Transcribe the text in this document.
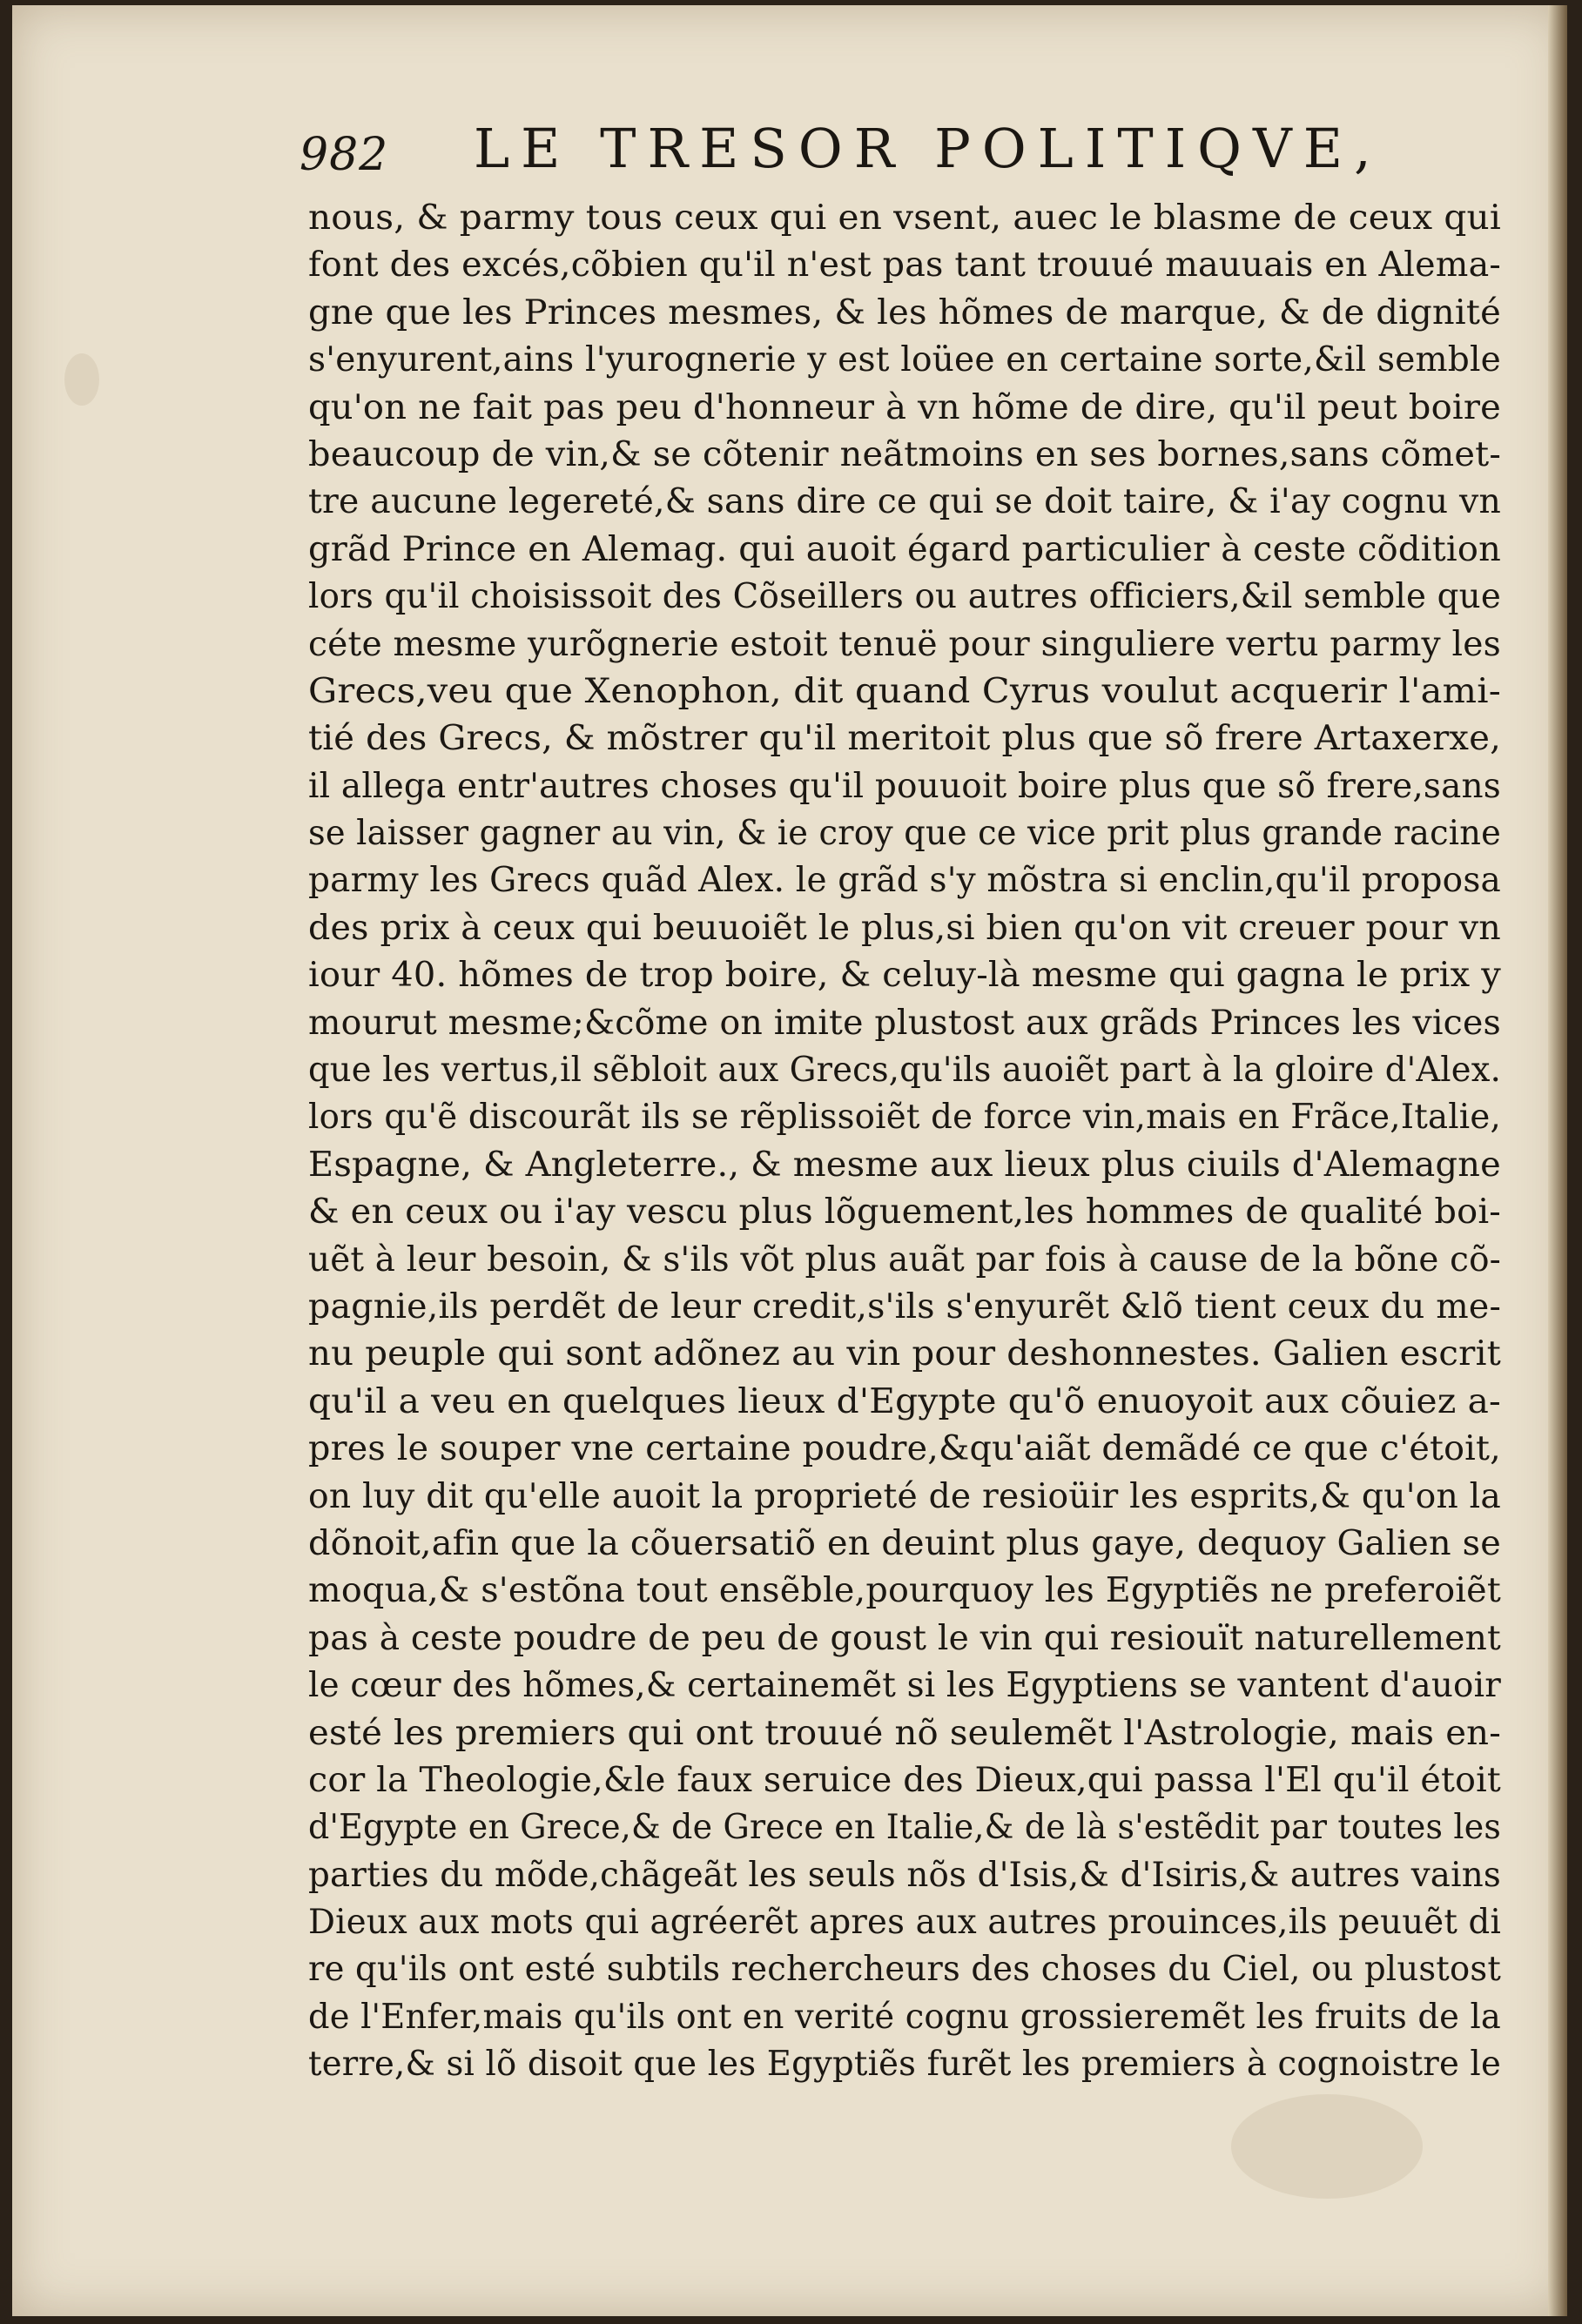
982 LE TRESOR POLITIQVE,
nous, & parmy tous ceux qui en vsent, auec le blasme de ceux qui
font des excés,cõbien qu'il n'est pas tant trouué mauuais en Alema-
gne que les Princes mesmes, & les hõmes de marque, & de dignité
s'enyurent,ains l'yurognerie y est loüee en certaine sorte,&il semble
qu'on ne fait pas peu d'honneur à vn hõme de dire, qu'il peut boire
beaucoup de vin,& se cõtenir neãtmoins en ses bornes,sans cõmet-
tre aucune legereté,& sans dire ce qui se doit taire, & i'ay cognu vn
grãd Prince en Alemag. qui auoit égard particulier à ceste cõdition
lors qu'il choisissoit des Cõseillers ou autres officiers,&il semble que
céte mesme yurõgnerie estoit tenuë pour singuliere vertu parmy les
Grecs,veu que Xenophon, dit quand Cyrus voulut acquerir l'ami-
tié des Grecs, & mõstrer qu'il meritoit plus que sõ frere Artaxerxe,
il allega entr'autres choses qu'il pouuoit boire plus que sõ frere,sans
se laisser gagner au vin, & ie croy que ce vice prit plus grande racine
parmy les Grecs quãd Alex. le grãd s'y mõstra si enclin,qu'il proposa
des prix à ceux qui beuuoiẽt le plus,si bien qu'on vit creuer pour vn
iour 40. hõmes de trop boire, & celuy-là mesme qui gagna le prix y
mourut mesme;&cõme on imite plustost aux grãds Princes les vices
que les vertus,il sẽbloit aux Grecs,qu'ils auoiẽt part à la gloire d'Alex.
lors qu'ẽ discourãt ils se rẽplissoiẽt de force vin,mais en Frãce,Italie,
Espagne, & Angleterre., & mesme aux lieux plus ciuils d'Alemagne
& en ceux ou i'ay vescu plus lõguement,les hommes de qualité boi-
uẽt à leur besoin, & s'ils võt plus auãt par fois à cause de la bõne cõ-
pagnie,ils perdẽt de leur credit,s'ils s'enyurẽt &lõ tient ceux du me-
nu peuple qui sont adõnez au vin pour deshonnestes. Galien escrit
qu'il a veu en quelques lieux d'Egypte qu'õ enuoyoit aux cõuiez a-
pres le souper vne certaine poudre,&qu'aiãt demãdé ce que c'étoit,
on luy dit qu'elle auoit la proprieté de resioüir les esprits,& qu'on la
dõnoit,afin que la cõuersatiõ en deuint plus gaye, dequoy Galien se
moqua,& s'estõna tout ensẽble,pourquoy les Egyptiẽs ne preferoiẽt
pas à ceste poudre de peu de goust le vin qui resiouït naturellement
le cœur des hõmes,& certainemẽt si les Egyptiens se vantent d'auoir
esté les premiers qui ont trouué nõ seulemẽt l'Astrologie, mais en-
cor la Theologie,&le faux seruice des Dieux,qui passa l'El qu'il étoit
d'Egypte en Grece,& de Grece en Italie,& de là s'estẽdit par toutes les
parties du mõde,chãgeãt les seuls nõs d'Isis,& d'Isiris,& autres vains
Dieux aux mots qui agréerẽt apres aux autres prouinces,ils peuuẽt di
re qu'ils ont esté subtils rechercheurs des choses du Ciel, ou plustost
de l'Enfer,mais qu'ils ont en verité cognu grossieremẽt les fruits de la
terre,& si lõ disoit que les Egyptiẽs furẽt les premiers à cognoistre le
